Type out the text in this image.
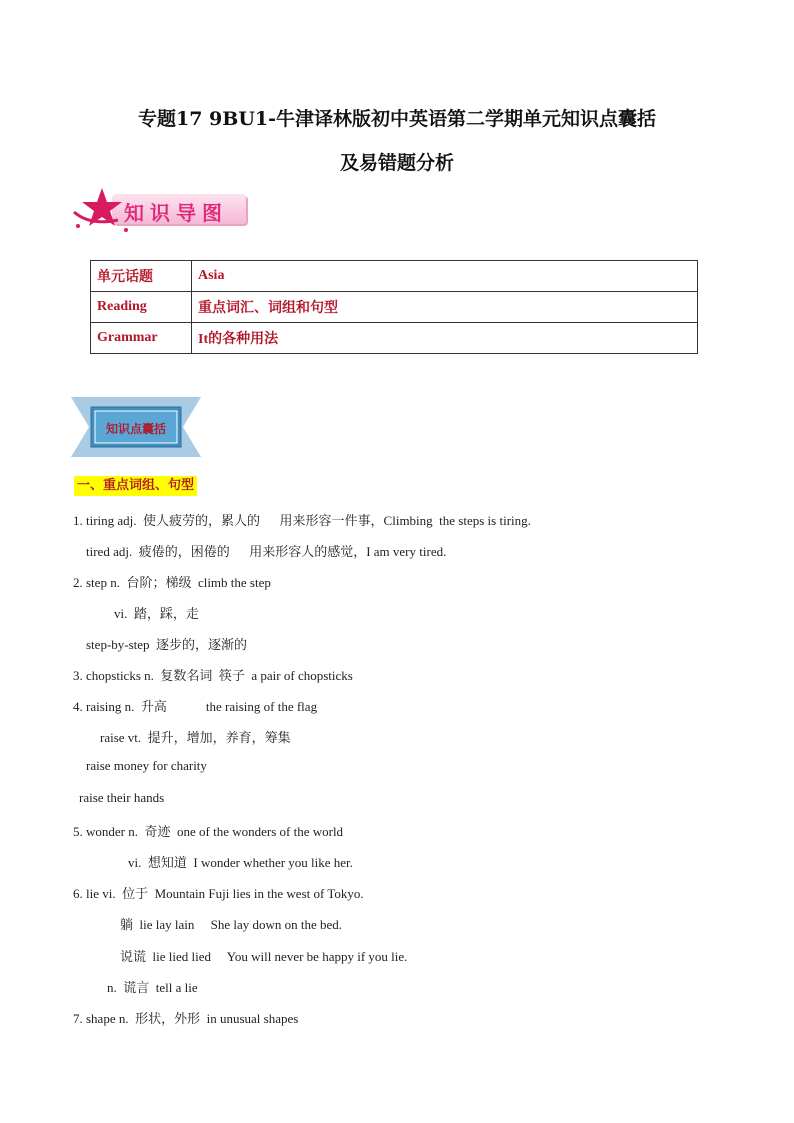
专题17 9BU1-牛津译林版初中英语第二学期单元知识点囊括
及易错题分析
知识导图
单元话题	Asia
Reading	重点词汇、词组和句型
Grammar	It的各种用法
知识点囊括
一、重点词组、句型
1. tiring adj.  使人疲劳的，累人的      用来形容一件事，Climbing  the steps is tiring.
tired adj.  疲倦的，困倦的      用来形容人的感觉，I am very tired.
2. step n.  台阶；梯级  climb the step
vi.  踏，踩，走
step-by-step  逐步的，逐渐的
3. chopsticks n.  复数名词  筷子  a pair of chopsticks
4. raising n.  升高            the raising of the flag
raise vt.  提升，增加，养育，筹集
raise money for charity
raise their hands
5. wonder n.  奇迹  one of the wonders of the world
vi.  想知道  I wonder whether you like her.
6. lie vi.  位于  Mountain Fuji lies in the west of Tokyo.
躺  lie lay lain     She lay down on the bed.
说谎  lie lied lied     You will never be happy if you lie.
n.  谎言  tell a lie
7. shape n.  形状，外形  in unusual shapes
